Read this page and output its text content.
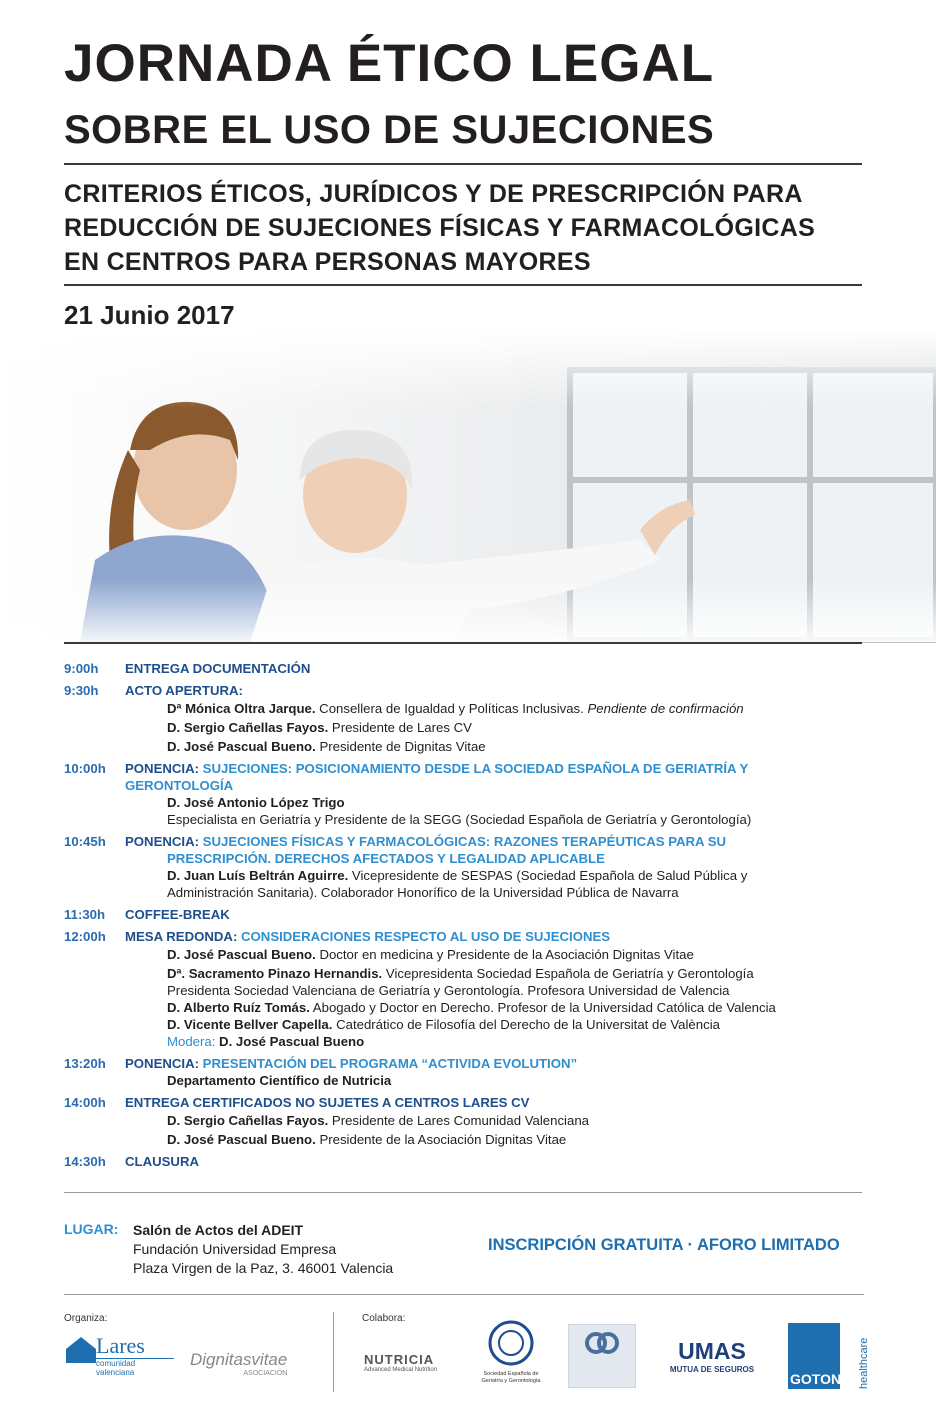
JORNADA ÉTICO LEGAL
SOBRE EL USO DE SUJECIONES
CRITERIOS ÉTICOS, JURÍDICOS Y DE PRESCRIPCIÓN PARA
REDUCCIÓN DE SUJECIONES FÍSICAS Y FARMACOLÓGICAS
EN CENTROS PARA PERSONAS MAYORES
21 Junio 2017
9:00h	ENTREGA DOCUMENTACIÓN
9:30h	ACTO APERTURA:
Dª Mónica Oltra Jarque. Consellera de Igualdad y Políticas Inclusivas. Pendiente de confirmación
D. Sergio Cañellas Fayos. Presidente de Lares CV
D. José Pascual Bueno. Presidente de Dignitas Vitae
10:00h	PONENCIA: SUJECIONES: POSICIONAMIENTO DESDE LA SOCIEDAD ESPAÑOLA DE GERIATRÍA Y
GERONTOLOGÍA
D. José Antonio López Trigo
Especialista en Geriatría y Presidente de la SEGG (Sociedad Española de Geriatría y Gerontología)
10:45h	PONENCIA: SUJECIONES FÍSICAS Y FARMACOLÓGICAS: RAZONES TERAPÉUTICAS PARA SU
PRESCRIPCIÓN. DERECHOS AFECTADOS Y LEGALIDAD APLICABLE
D. Juan Luís Beltrán Aguirre. Vicepresidente de SESPAS (Sociedad Española de Salud Pública y
Administración Sanitaria). Colaborador Honorífico de la Universidad Pública de Navarra
11:30h	COFFEE-BREAK
12:00h	MESA REDONDA: CONSIDERACIONES RESPECTO AL USO DE SUJECIONES
D. José Pascual Bueno. Doctor en medicina y Presidente de la Asociación Dignitas Vitae
Dª. Sacramento Pinazo Hernandis. Vicepresidenta Sociedad Española de Geriatría y Gerontología
Presidenta Sociedad Valenciana de Geriatría y Gerontología. Profesora Universidad de Valencia
D. Alberto Ruíz Tomás. Abogado y Doctor en Derecho. Profesor de la Universidad Católica de Valencia
D. Vicente Bellver Capella. Catedrático de Filosofía del Derecho de la Universitat de València
Modera: D. José Pascual Bueno
13:20h	PONENCIA: PRESENTACIÓN DEL PROGRAMA “ACTIVIDA EVOLUTION”
Departamento Científico de Nutricia
14:00h	ENTREGA CERTIFICADOS NO SUJETES A CENTROS LARES CV
D. Sergio Cañellas Fayos. Presidente de Lares Comunidad Valenciana
D. José Pascual Bueno. Presidente de la Asociación Dignitas Vitae
14:30h	CLAUSURA
LUGAR: Salón de Actos del ADEIT
Fundación Universidad Empresa
Plaza Virgen de la Paz, 3. 46001 Valencia
INSCRIPCIÓN GRATUITA · AFORO LIMITADO
Organiza:	Colabora:
Lares
comunidad valenciana
Dignitasvitae
ASOCIACIÓN
NUTRICIA
Advanced Medical Nutrition
Sociedad Española de Geriatría y Gerontología
UMAS
MUTUA DE SEGUROS
GOTON healthcare
